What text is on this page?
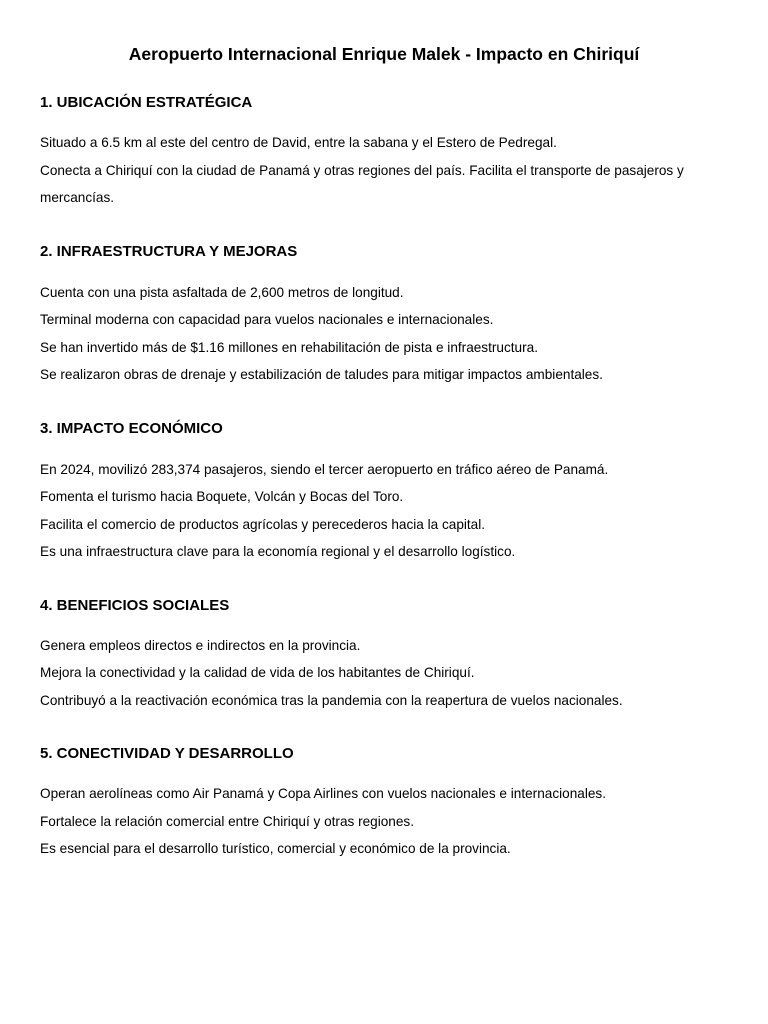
Aeropuerto Internacional Enrique Malek - Impacto en Chiriquí
1. UBICACIÓN ESTRATÉGICA

Situado a 6.5 km al este del centro de David, entre la sabana y el Estero de Pedregal.

Conecta a Chiriquí con la ciudad de Panamá y otras regiones del país. Facilita el transporte de pasajeros y mercancías.

2. INFRAESTRUCTURA Y MEJORAS

Cuenta con una pista asfaltada de 2,600 metros de longitud.

Terminal moderna con capacidad para vuelos nacionales e internacionales.

Se han invertido más de $1.16 millones en rehabilitación de pista e infraestructura.

Se realizaron obras de drenaje y estabilización de taludes para mitigar impactos ambientales.

3. IMPACTO ECONÓMICO

En 2024, movilizó 283,374 pasajeros, siendo el tercer aeropuerto en tráfico aéreo de Panamá.

Fomenta el turismo hacia Boquete, Volcán y Bocas del Toro.

Facilita el comercio de productos agrícolas y perecederos hacia la capital.

Es una infraestructura clave para la economía regional y el desarrollo logístico.

4. BENEFICIOS SOCIALES

Genera empleos directos e indirectos en la provincia.

Mejora la conectividad y la calidad de vida de los habitantes de Chiriquí.

Contribuyó a la reactivación económica tras la pandemia con la reapertura de vuelos nacionales.

5. CONECTIVIDAD Y DESARROLLO

Operan aerolíneas como Air Panamá y Copa Airlines con vuelos nacionales e internacionales.

Fortalece la relación comercial entre Chiriquí y otras regiones.

Es esencial para el desarrollo turístico, comercial y económico de la provincia.
